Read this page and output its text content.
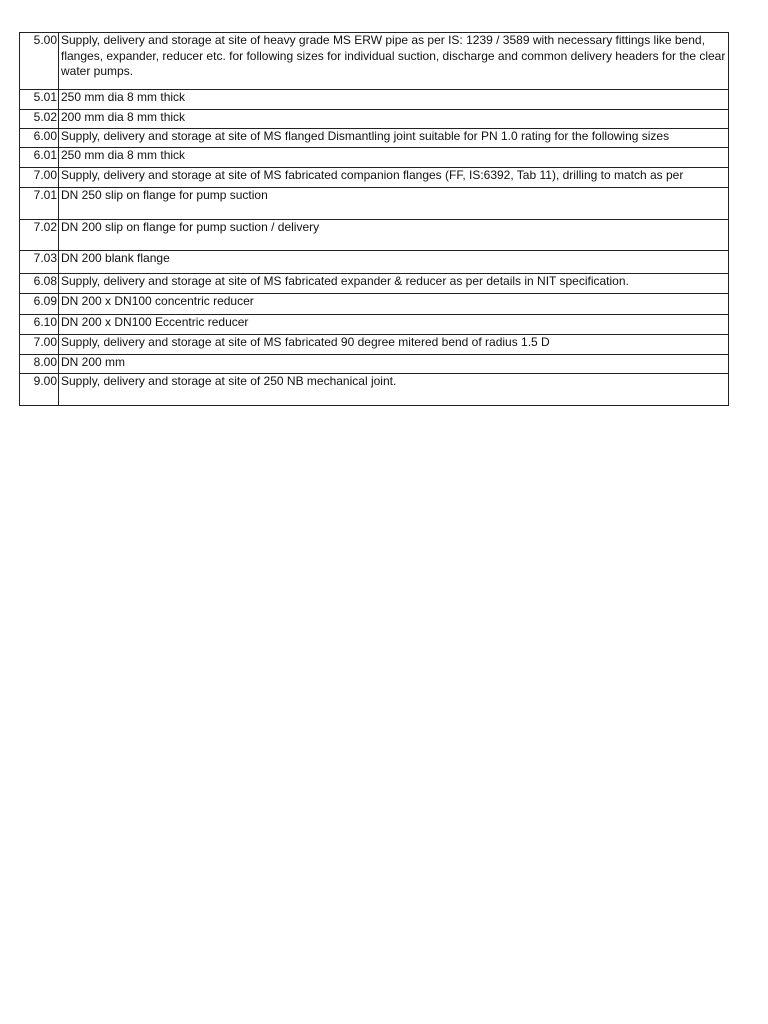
5.00	Supply, delivery and storage at site of heavy grade MS ERW pipe as per IS: 1239 / 3589 with necessary fittings like bend, flanges, expander, reducer etc. for following sizes for individual suction, discharge and common delivery headers for the clear water pumps.
5.01	250 mm dia 8 mm thick
5.02	200 mm dia 8 mm thick
6.00	Supply, delivery and storage at site of MS flanged Dismantling joint suitable for PN 1.0 rating for the following sizes
6.01	250 mm dia 8 mm thick
7.00	Supply, delivery and storage at site of MS fabricated companion flanges (FF, IS:6392, Tab 11), drilling to match as per
7.01	DN 250 slip on flange for pump suction
7.02	DN 200 slip on flange for pump suction / delivery
7.03	DN 200 blank flange
6.08	Supply, delivery and storage at site of MS fabricated expander & reducer as per details in NIT specification.
6.09	DN 200 x DN100 concentric reducer
6.10	DN 200 x DN100 Eccentric reducer
7.00	Supply, delivery and storage at site of MS fabricated 90 degree mitered bend of radius 1.5 D
8.00	DN 200 mm
9.00	Supply, delivery and storage at site of 250 NB mechanical joint.
